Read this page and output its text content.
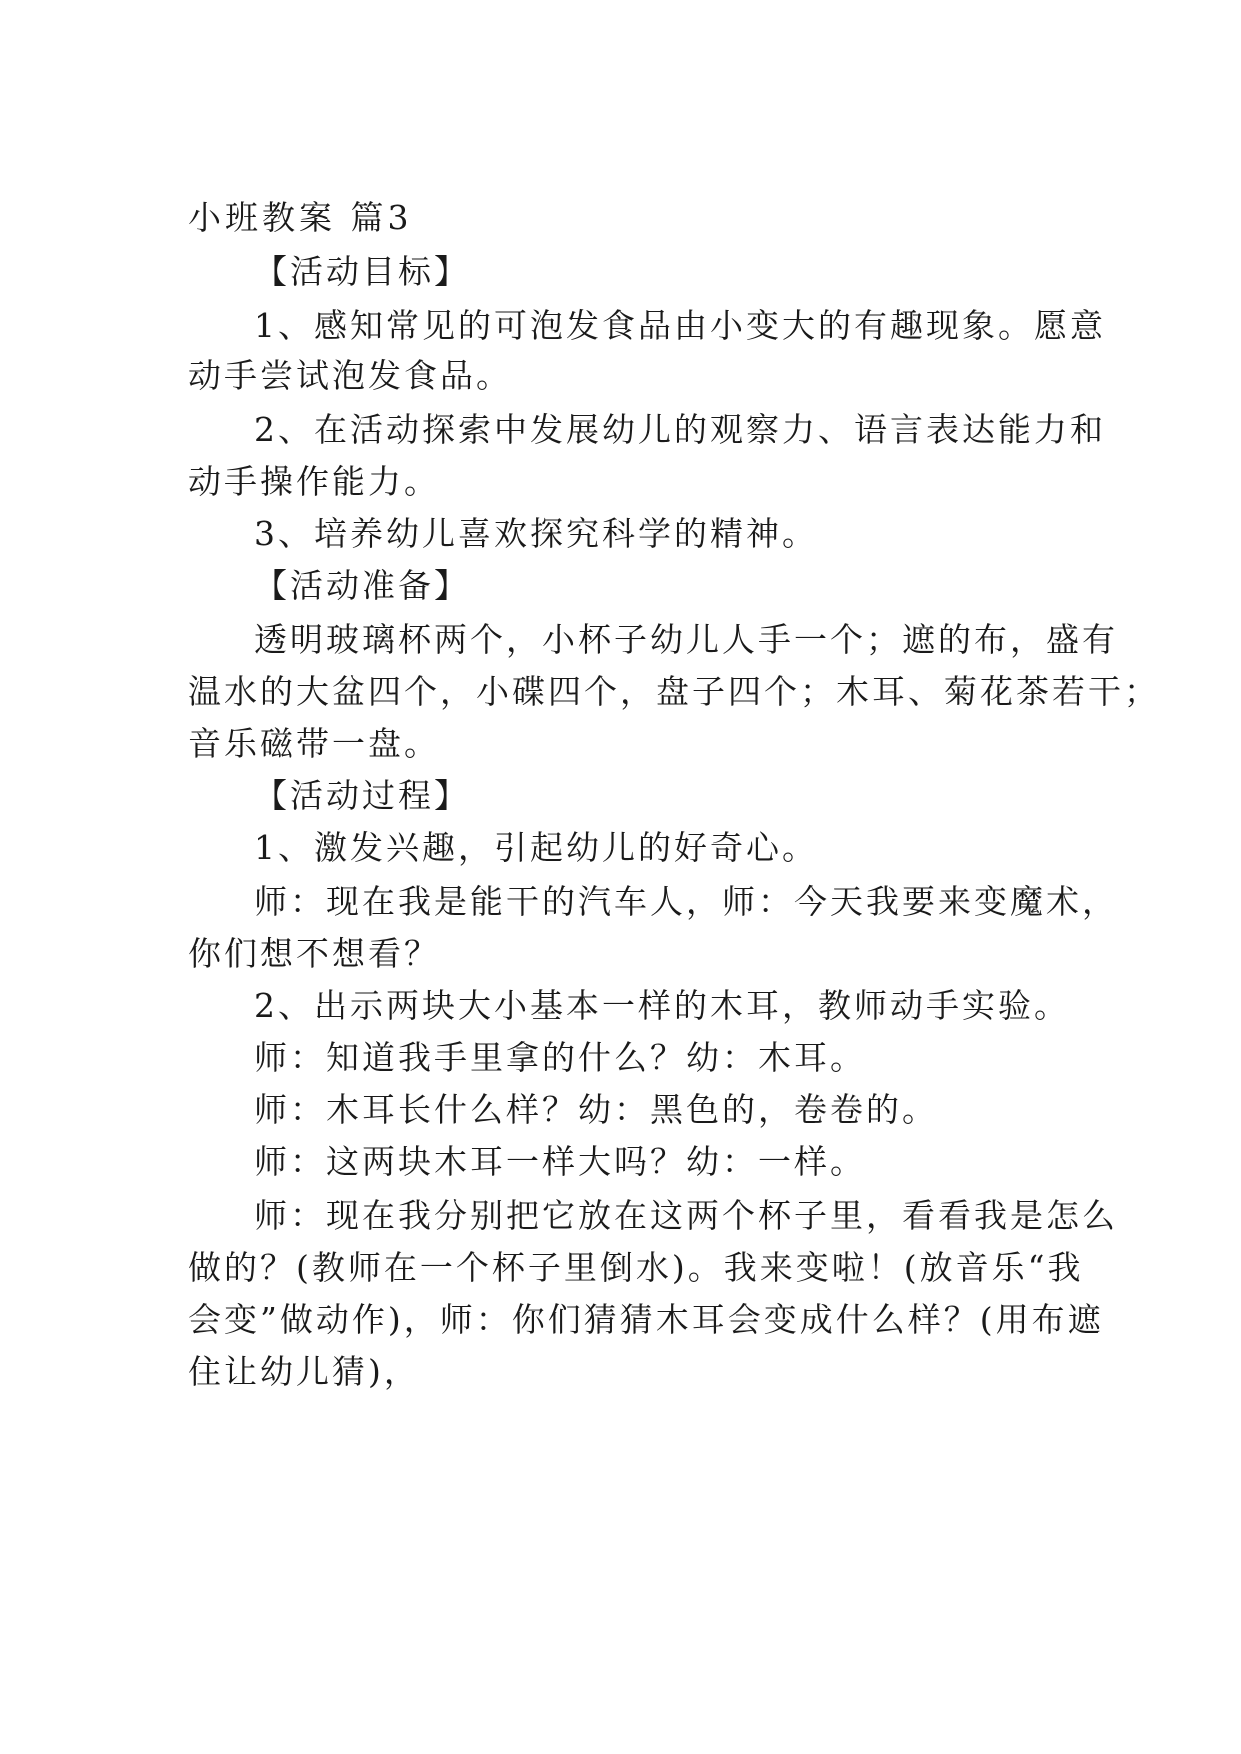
小班教案 篇3
【活动目标】
1、感知常见的可泡发食品由小变大的有趣现象。愿意
动手尝试泡发食品。
2、在活动探索中发展幼儿的观察力、语言表达能力和
动手操作能力。
3、培养幼儿喜欢探究科学的精神。
【活动准备】
透明玻璃杯两个，小杯子幼儿人手一个；遮的布，盛有
温水的大盆四个，小碟四个，盘子四个；木耳、菊花茶若干；
音乐磁带一盘。
【活动过程】
1、激发兴趣，引起幼儿的好奇心。
师：现在我是能干的汽车人，师：今天我要来变魔术，
你们想不想看？
2、出示两块大小基本一样的木耳，教师动手实验。
师：知道我手里拿的什么？幼：木耳。
师：木耳长什么样？幼：黑色的，卷卷的。
师：这两块木耳一样大吗？幼：一样。
师：现在我分别把它放在这两个杯子里，看看我是怎么
做的？(教师在一个杯子里倒水)。我来变啦！(放音乐“我
会变”做动作)，师：你们猜猜木耳会变成什么样？(用布遮
住让幼儿猜)，
